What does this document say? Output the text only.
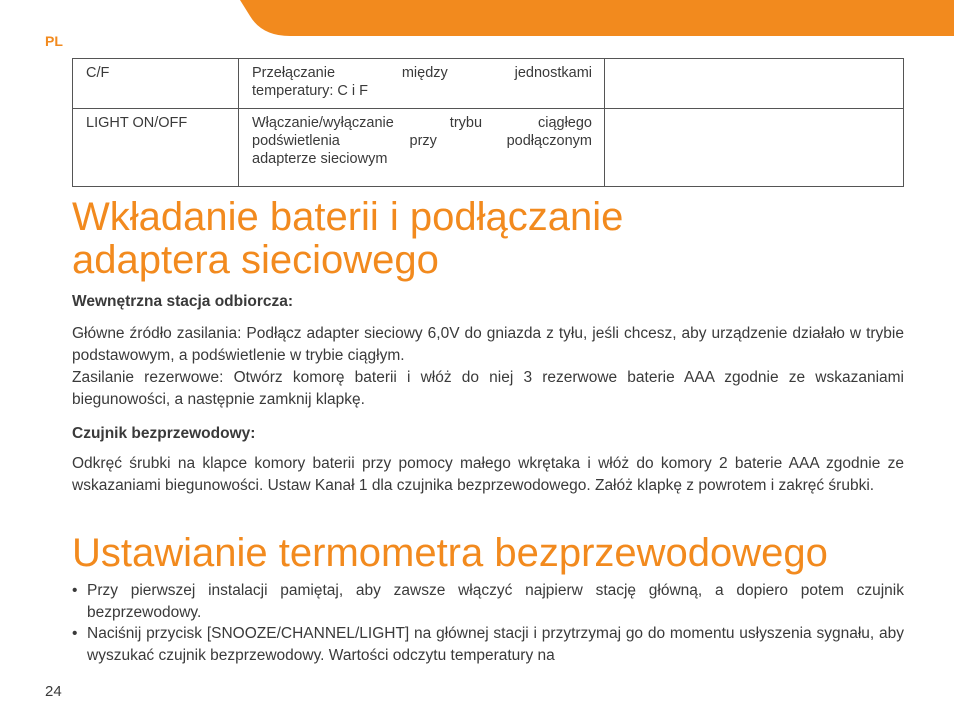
PL
C/F	Przełączanie między jednostkami
temperatury: C i F	

LIGHT ON/OFF	Włączanie/wyłączanie trybu ciągłego
podświetlenia przy podłączonym
adapterze sieciowym	

Wkładanie baterii i podłączanie
adaptera sieciowego
Wewnętrzna stacja odbiorcza:

Główne źródło zasilania: Podłącz adapter sieciowy 6,0V do gniazda z tyłu, jeśli chcesz, aby urządzenie działało w trybie podstawowym, a podświetlenie w trybie ciągłym.

Zasilanie rezerwowe: Otwórz komorę baterii i włóż do niej 3 rezerwowe baterie AAA zgodnie ze wskazaniami biegunowości, a następnie zamknij klapkę.

Czujnik bezprzewodowy:

Odkręć śrubki na klapce komory baterii przy pomocy małego wkrętaka i włóż do komory 2 baterie AAA zgodnie ze wskazaniami biegunowości. Ustaw Kanał 1 dla czujnika bezprzewodowego. Załóż klapkę z powrotem i zakręć śrubki.

Ustawianie termometra bezprzewodowego
• Przy pierwszej instalacji pamiętaj, aby zawsze włączyć najpierw stację główną, a dopiero potem czujnik bezprzewodowy.
• Naciśnij przycisk [SNOOZE/CHANNEL/LIGHT] na głównej stacji i przytrzymaj go do momentu usłyszenia sygnału, aby wyszukać czujnik bezprzewodowy. Wartości odczytu temperatury na
24
